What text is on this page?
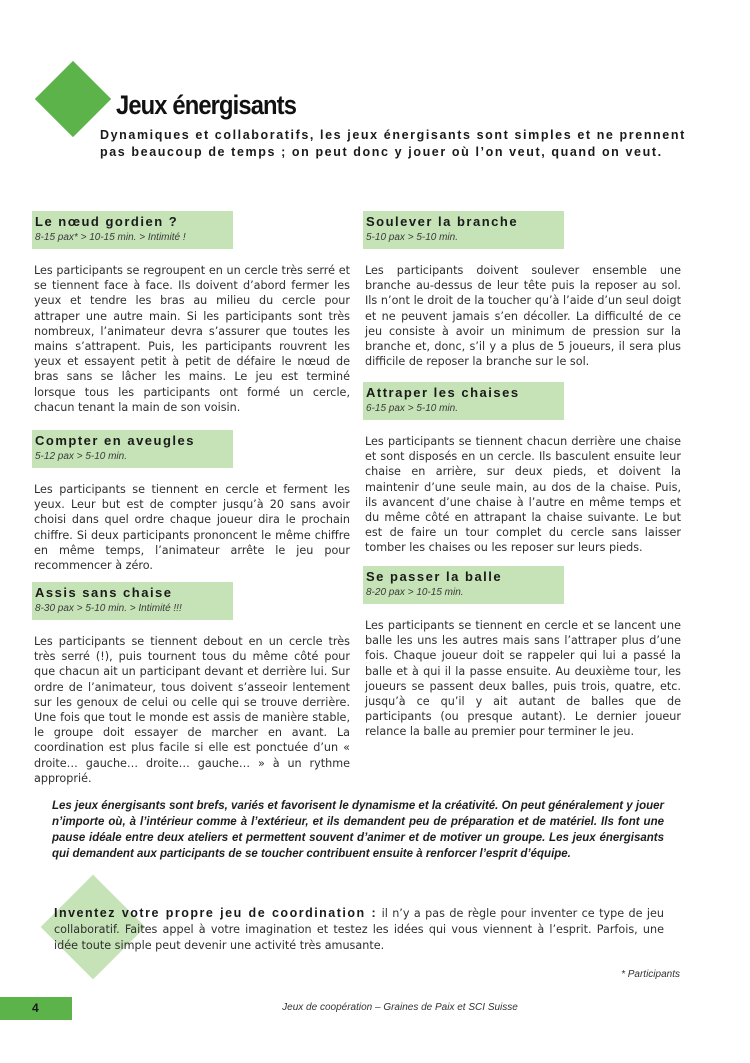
Jeux énergisants

Dynamiques et collaboratifs, les jeux énergisants sont simples et ne prennent pas beaucoup de temps ; on peut donc y jouer où l’on veut, quand on veut.

Le nœud gordien ?
8-15 pax* > 10-15 min. > Intimité !
Les participants se regroupent en un cercle très serré et se tiennent face à face. Ils doivent d’abord fermer les yeux et tendre les bras au milieu du cercle pour attraper une autre main. Si les participants sont très nombreux, l’animateur devra s’assurer que toutes les mains s’attrapent. Puis, les participants rouvrent les yeux et essayent petit à petit de défaire le nœud de bras sans se lâcher les mains. Le jeu est terminé lorsque tous les participants ont formé un cercle, chacun tenant la main de son voisin.
Compter en aveugles
5-12 pax > 5-10 min.
Les participants se tiennent en cercle et ferment les yeux. Leur but est de compter jusqu’à 20 sans avoir choisi dans quel ordre chaque joueur dira le prochain chiffre. Si deux participants prononcent le même chiffre en même temps, l’animateur arrête le jeu pour recommencer à zéro.
Assis sans chaise
8-30 pax > 5-10 min. > Intimité !!!
Les participants se tiennent debout en un cercle très très serré (!), puis tournent tous du même côté pour que chacun ait un participant devant et derrière lui. Sur ordre de l’animateur, tous doivent s’asseoir lentement sur les genoux de celui ou celle qui se trouve derrière. Une fois que tout le monde est assis de manière stable, le groupe doit essayer de marcher en avant. La coordination est plus facile si elle est ponctuée d’un « droite… gauche… droite… gauche… » à un rythme approprié.
Soulever la branche
5-10 pax > 5-10 min.
Les participants doivent soulever ensemble une branche au-dessus de leur tête puis la reposer au sol. Ils n’ont le droit de la toucher qu’à l’aide d’un seul doigt et ne peuvent jamais s’en décoller. La difficulté de ce jeu consiste à avoir un minimum de pression sur la branche et, donc, s’il y a plus de 5 joueurs, il sera plus difficile de reposer la branche sur le sol.
Attraper les chaises
6-15 pax > 5-10 min.
Les participants se tiennent chacun derrière une chaise et sont disposés en un cercle. Ils basculent ensuite leur chaise en arrière, sur deux pieds, et doivent la maintenir d’une seule main, au dos de la chaise. Puis, ils avancent d’une chaise à l’autre en même temps et du même côté en attrapant la chaise suivante. Le but est de faire un tour complet du cercle sans laisser tomber les chaises ou les reposer sur leurs pieds.
Se passer la balle
8-20 pax > 10-15 min.
Les participants se tiennent en cercle et se lancent une balle les uns les autres mais sans l’attraper plus d’une fois. Chaque joueur doit se rappeler qui lui a passé la balle et à qui il la passe ensuite. Au deuxième tour, les joueurs se passent deux balles, puis trois, quatre, etc. jusqu’à ce qu’il y ait autant de balles que de participants (ou presque autant). Le dernier joueur relance la balle au premier pour terminer le jeu.

Les jeux énergisants sont brefs, variés et favorisent le dynamisme et la créativité. On peut généralement y jouer n’importe où, à l’intérieur comme à l’extérieur, et ils demandent peu de préparation et de matériel. Ils font une pause idéale entre deux ateliers et permettent souvent d’animer et de motiver un groupe. Les jeux énergisants qui demandent aux participants de se toucher contribuent ensuite à renforcer l’esprit d’équipe.

Inventez votre propre jeu de coordination : il n’y a pas de règle pour inventer ce type de jeu collaboratif. Faites appel à votre imagination et testez les idées qui vous viennent à l’esprit. Parfois, une idée toute simple peut devenir une activité très amusante.

* Participants

4	Jeux de coopération – Graines de Paix et SCI Suisse
